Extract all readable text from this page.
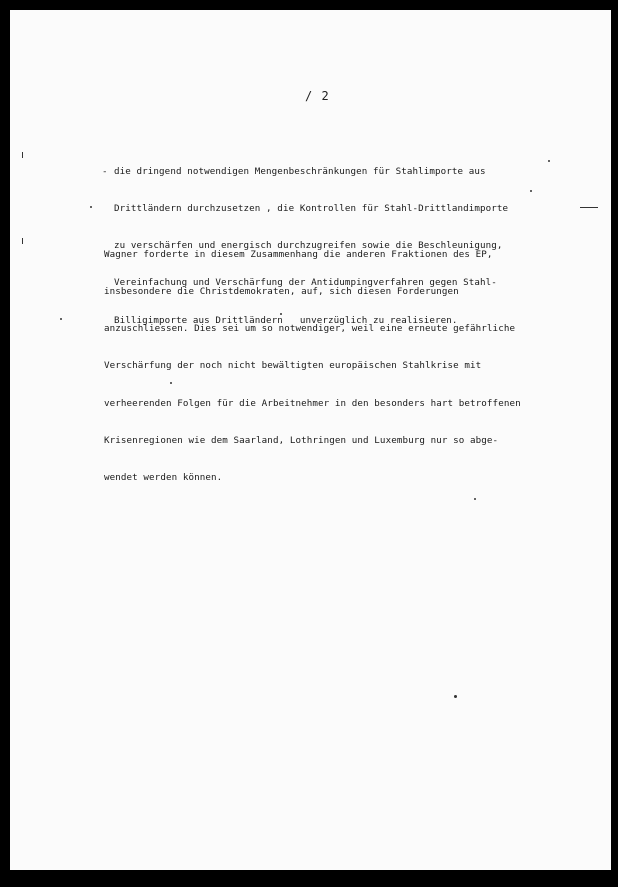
/ 2

- die dringend notwendigen Mengenbeschränkungen für Stahlimporte aus

Drittländern durchzusetzen , die Kontrollen für Stahl-Drittlandimporte

zu verschärfen und energisch durchzugreifen sowie die Beschleunigung,

Vereinfachung und Verschärfung der Antidumpingverfahren gegen Stahl-

Billigimporte aus Drittländern   unverzüglich zu realisieren.

Wagner forderte in diesem Zusammenhang die anderen Fraktionen des EP,

insbesondere die Christdemokraten, auf, sich diesen Forderungen

anzuschliessen. Dies sei um so notwendiger, weil eine erneute gefährliche

Verschärfung der noch nicht bewältigten europäischen Stahlkrise mit

verheerenden Folgen für die Arbeitnehmer in den besonders hart betroffenen

Krisenregionen wie dem Saarland, Lothringen und Luxemburg nur so abge-

wendet werden können.
